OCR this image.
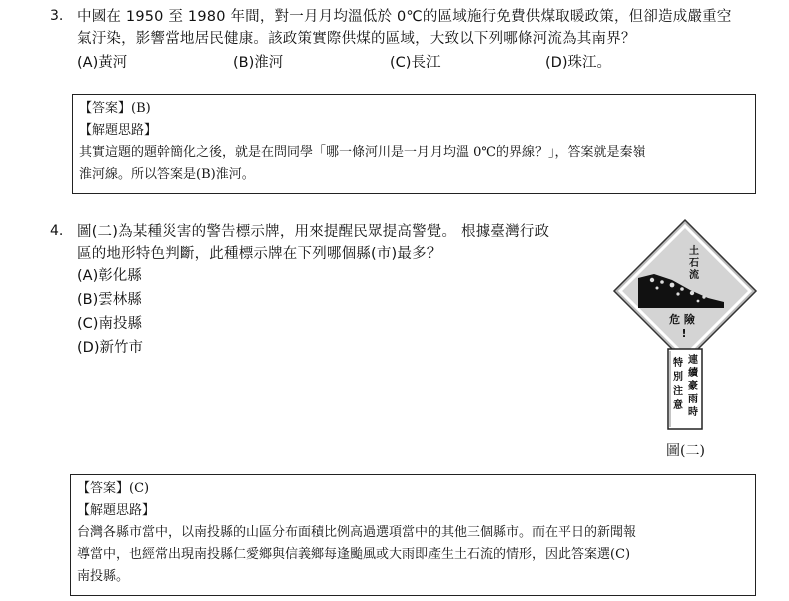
3. 中國在 1950 至 1980 年間，對一月月均溫低於 0℃的區域施行免費供煤取暖政策，但卻造成嚴重空
氣汙染，影響當地居民健康。該政策實際供煤的區域，大致以下列哪條河流為其南界？
(A)黃河	(B)淮河	(C)長江	(D)珠江。
【答案】(B)
【解題思路】
其實這題的題幹簡化之後，就是在問同學「哪一條河川是一月月均溫 0℃的界線？」，答案就是秦嶺
淮河線。所以答案是(B)淮河。
4. 圖(二)為某種災害的警告標示牌，用來提醒民眾提高警覺。 根據臺灣行政
區的地形特色判斷，此種標示牌在下列哪個縣(市)最多？
(A)彰化縣
(B)雲林縣
(C)南投縣
(D)新竹市
土
石
流
危 險
!
特
別
注
意
連
續
豪
雨
時
圖(二)
【答案】(C)
【解題思路】
台灣各縣市當中，以南投縣的山區分布面積比例高過選項當中的其他三個縣市。而在平日的新聞報
導當中，也經常出現南投縣仁愛鄉與信義鄉每逢颱風或大雨即產生土石流的情形，因此答案選(C)
南投縣。
